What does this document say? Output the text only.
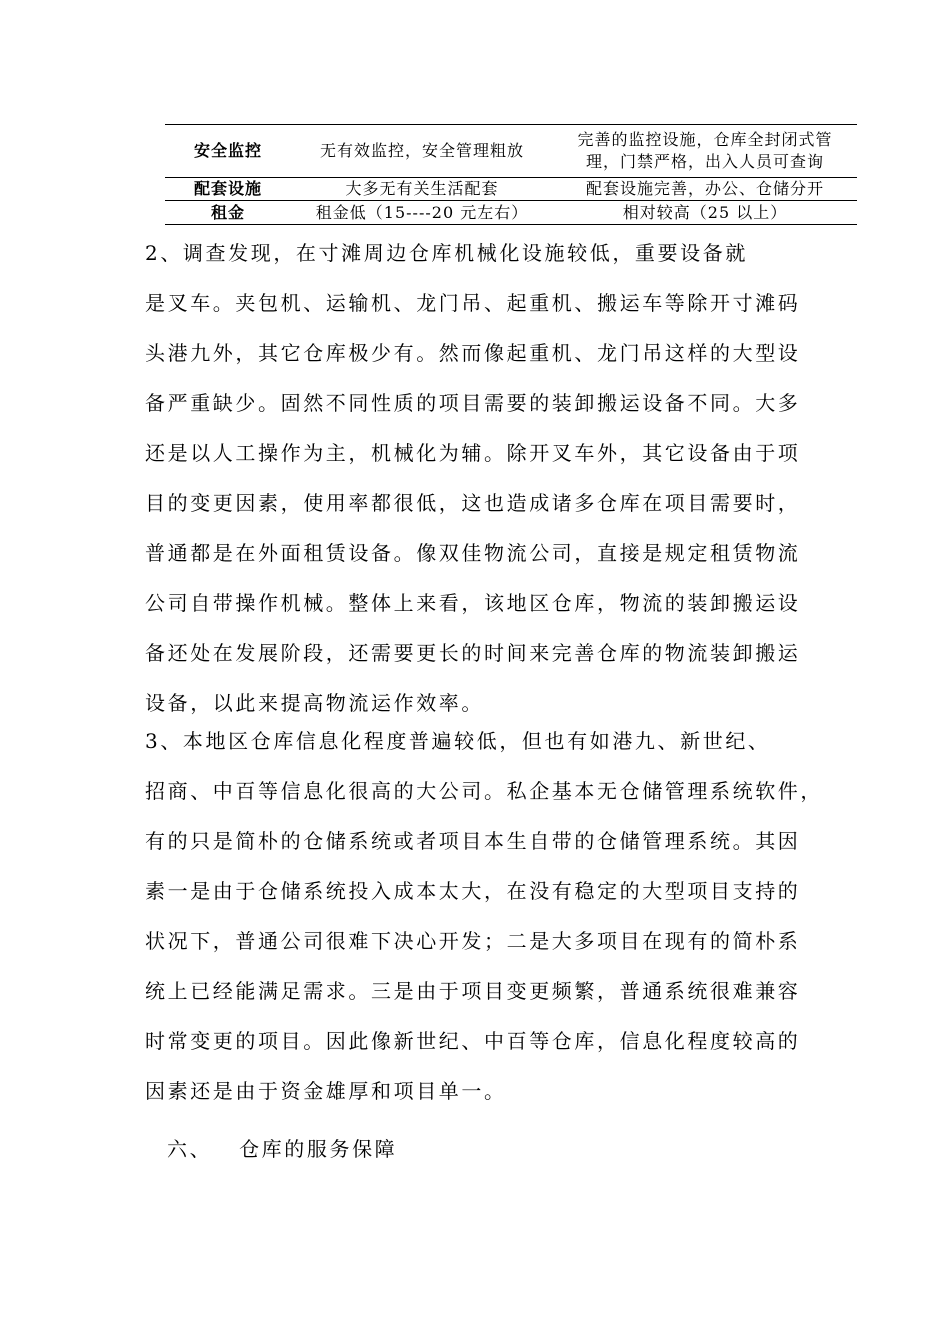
安全监控	无有效监控，安全管理粗放	完善的监控设施，仓库全封闭式管
理，门禁严格，出入人员可查询

配套设施	大多无有关生活配套	配套设施完善，办公、仓储分开
租金	租金低（15----20 元左右）	相对较高（25 以上）
2、调查发现，在寸滩周边仓库机械化设施较低，重要设备就
是叉车。夹包机、运输机、龙门吊、起重机、搬运车等除开寸滩码
头港九外，其它仓库极少有。然而像起重机、龙门吊这样的大型设
备严重缺少。固然不同性质的项目需要的装卸搬运设备不同。大多
还是以人工操作为主，机械化为辅。除开叉车外，其它设备由于项
目的变更因素，使用率都很低，这也造成诸多仓库在项目需要时，
普通都是在外面租赁设备。像双佳物流公司，直接是规定租赁物流
公司自带操作机械。整体上来看，该地区仓库，物流的装卸搬运设
备还处在发展阶段，还需要更长的时间来完善仓库的物流装卸搬运
设备，以此来提高物流运作效率。
3、本地区仓库信息化程度普遍较低，但也有如港九、新世纪、
招商、中百等信息化很高的大公司。私企基本无仓储管理系统软件，
有的只是简朴的仓储系统或者项目本生自带的仓储管理系统。其因
素一是由于仓储系统投入成本太大，在没有稳定的大型项目支持的
状况下，普通公司很难下决心开发；二是大多项目在现有的简朴系
统上已经能满足需求。三是由于项目变更频繁，普通系统很难兼容
时常变更的项目。因此像新世纪、中百等仓库，信息化程度较高的
因素还是由于资金雄厚和项目单一。
六、   仓库的服务保障
